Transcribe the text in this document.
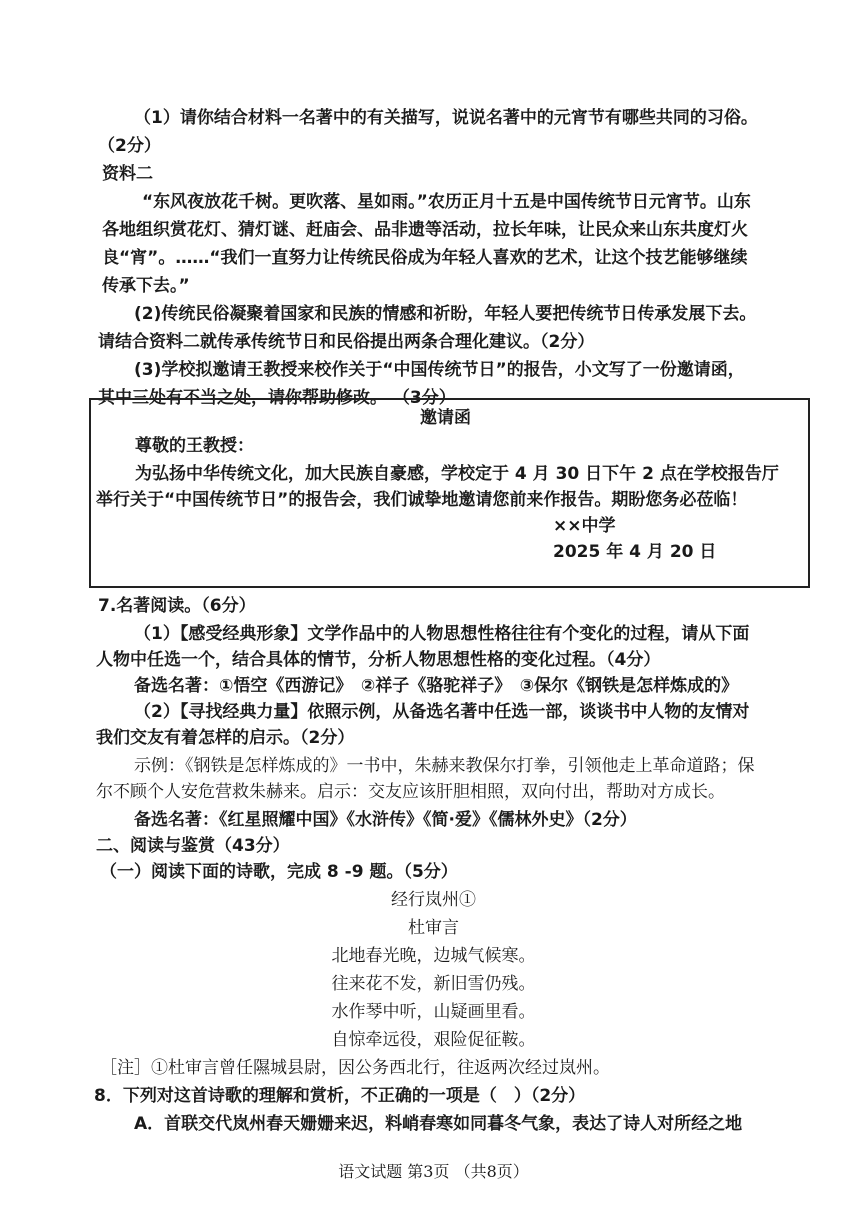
（1）请你结合材料一名著中的有关描写，说说名著中的元宵节有哪些共同的习俗。
（2分）
资料二
“东风夜放花千树。更吹落、星如雨。”农历正月十五是中国传统节日元宵节。山东
各地组织赏花灯、猜灯谜、赶庙会、品非遗等活动，拉长年味，让民众来山东共度灯火
良“宵”。……“我们一直努力让传统民俗成为年轻人喜欢的艺术，让这个技艺能够继续
传承下去。”
(2)传统民俗凝聚着国家和民族的情感和祈盼，年轻人要把传统节日传承发展下去。
请结合资料二就传承传统节日和民俗提出两条合理化建议。（2分）
(3)学校拟邀请王教授来校作关于“中国传统节日”的报告，小文写了一份邀请函，
其中三处有不当之处，请你帮助修改。 （3分）
邀请函
尊敬的王教授：
为弘扬中华传统文化，加大民族自豪感，学校定于 4 月 30 日下午 2 点在学校报告厅
举行关于“中国传统节日”的报告会，我们诚挚地邀请您前来作报告。期盼您务必莅临！
××中学
2025 年 4 月 20 日
7.名著阅读。（6分）
（1）【感受经典形象】文学作品中的人物思想性格往往有个变化的过程，请从下面
人物中任选一个，结合具体的情节，分析人物思想性格的变化过程。（4分）
备选名著：①悟空《西游记》　②祥子《骆驼祥子》　③保尔《钢铁是怎样炼成的》
（2）【寻找经典力量】依照示例，从备选名著中任选一部，谈谈书中人物的友情对
我们交友有着怎样的启示。（2分）
示例：《钢铁是怎样炼成的》一书中，朱赫来教保尔打拳，引领他走上革命道路；保
尔不顾个人安危营救朱赫来。启示：交友应该肝胆相照，双向付出，帮助对方成长。
备选名著：《红星照耀中国》《水浒传》《简·爱》《儒林外史》（2分）
二、阅读与鉴赏（43分）
（一）阅读下面的诗歌，完成 8 -9 题。（5分）
经行岚州①
杜审言
北地春光晚，边城气候寒。
往来花不发，新旧雪仍残。
水作琴中听，山疑画里看。
自惊牵远役，艰险促征鞍。
［注］①杜审言曾任隰城县尉，因公务西北行，往返两次经过岚州。
8．下列对这首诗歌的理解和赏析，不正确的一项是（　）（2分）
A．首联交代岚州春天姗姗来迟，料峭春寒如同暮冬气象，表达了诗人对所经之地
语文试题 第3页 （共8页）
